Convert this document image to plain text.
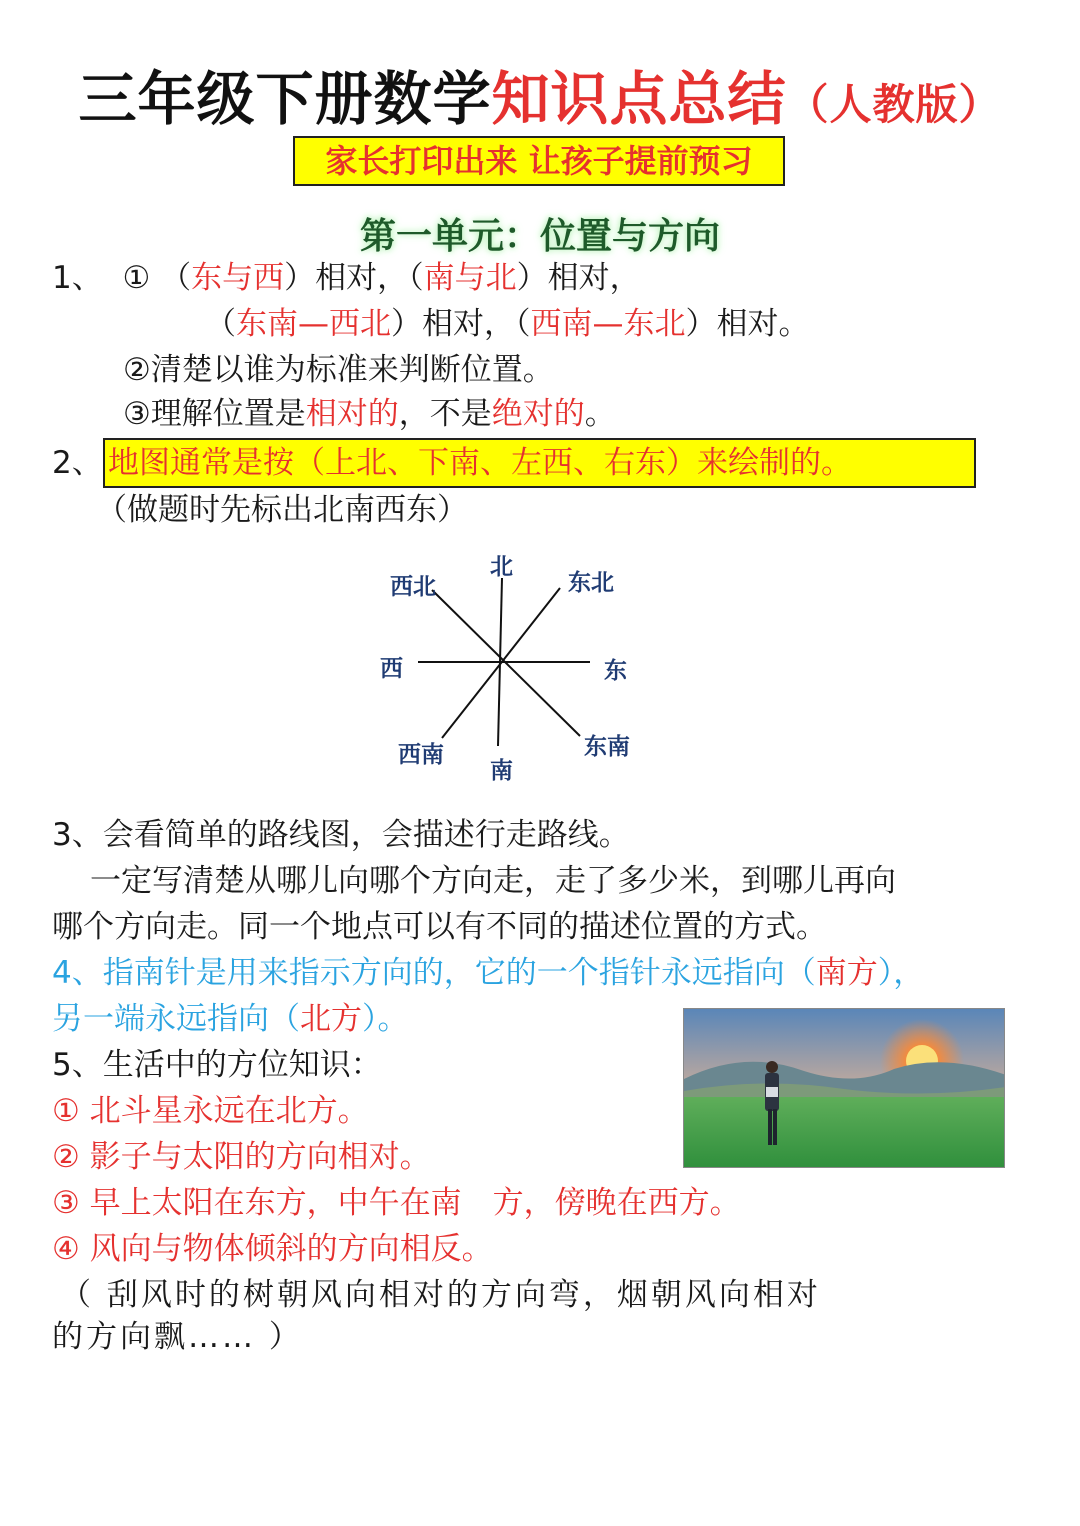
三年级下册数学知识点总结（人教版）
家长打印出来 让孩子提前预习
第一单元：位置与方向
1、 ① （东与西）相对，（南与北）相对，
（东南—西北）相对，（西南—东北）相对。
②清楚以谁为标准来判断位置。
③理解位置是相对的，不是绝对的。
2、 地图通常是按（上北、下南、左西、右东）来绘制的。
（做题时先标出北南西东）
北
西北	东北
西	东
西南
南
东南
3、会看简单的路线图，会描述行走路线。
一定写清楚从哪儿向哪个方向走，走了多少米，到哪儿再向
哪个方向走。同一个地点可以有不同的描述位置的方式。
4、指南针是用来指示方向的，它的一个指针永远指向（南方），
另一端永远指向（北方）。
5、生活中的方位知识：
① 北斗星永远在北方。
② 影子与太阳的方向相对。
③ 早上太阳在东方，中午在南　方，傍晚在西方。
④ 风向与物体倾斜的方向相反。
（ 刮风时的树朝风向相对的方向弯，烟朝风向相对
的方向飘…… ）
